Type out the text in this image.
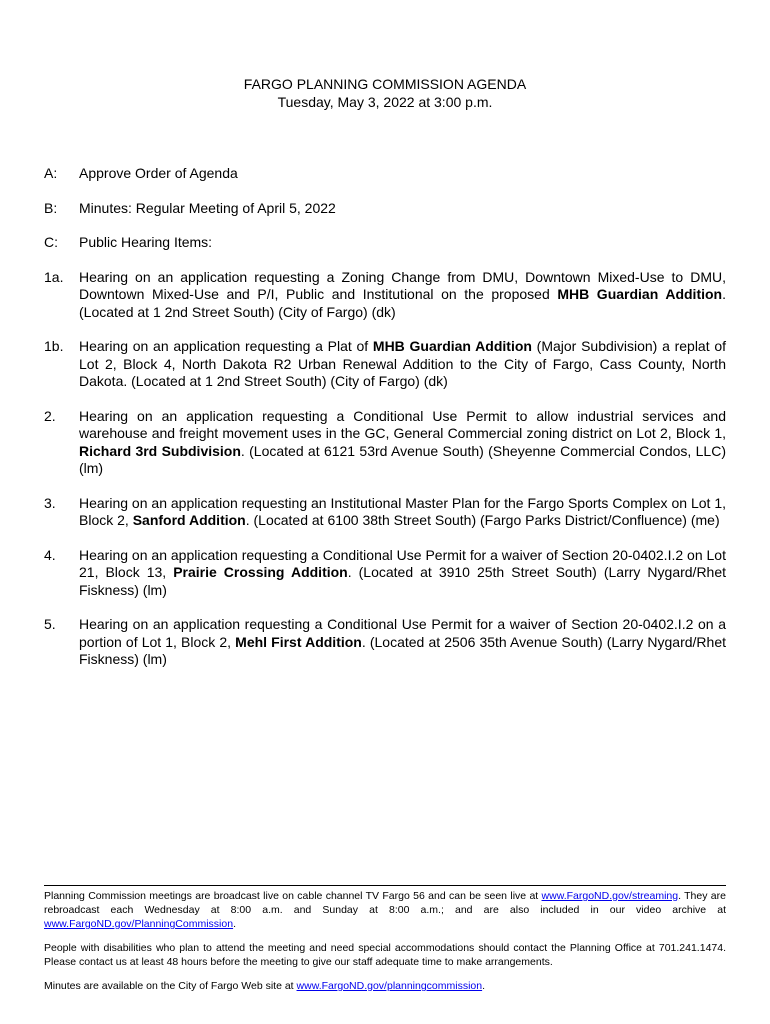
FARGO PLANNING COMMISSION AGENDA
Tuesday, May 3, 2022 at 3:00 p.m.
A:	Approve Order of Agenda
B:	Minutes: Regular Meeting of April 5, 2022
C:	Public Hearing Items:
1a.	Hearing on an application requesting a Zoning Change from DMU, Downtown Mixed-Use to DMU, Downtown Mixed-Use and P/I, Public and Institutional on the proposed MHB Guardian Addition. (Located at 1 2nd Street South) (City of Fargo) (dk)
1b.	Hearing on an application requesting a Plat of MHB Guardian Addition (Major Subdivision) a replat of Lot 2, Block 4, North Dakota R2 Urban Renewal Addition to the City of Fargo, Cass County, North Dakota. (Located at 1 2nd Street South) (City of Fargo) (dk)
2.	Hearing on an application requesting a Conditional Use Permit to allow industrial services and warehouse and freight movement uses in the GC, General Commercial zoning district on Lot 2, Block 1, Richard 3rd Subdivision. (Located at 6121 53rd Avenue South) (Sheyenne Commercial Condos, LLC) (lm)
3.	Hearing on an application requesting an Institutional Master Plan for the Fargo Sports Complex on Lot 1, Block 2, Sanford Addition. (Located at 6100 38th Street South) (Fargo Parks District/Confluence) (me)
4.	Hearing on an application requesting a Conditional Use Permit for a waiver of Section 20-0402.I.2 on Lot 21, Block 13, Prairie Crossing Addition. (Located at 3910 25th Street South) (Larry Nygard/Rhet Fiskness) (lm)
5.	Hearing on an application requesting a Conditional Use Permit for a waiver of Section 20-0402.I.2 on a portion of Lot 1, Block 2, Mehl First Addition. (Located at 2506 35th Avenue South) (Larry Nygard/Rhet Fiskness) (lm)

Planning Commission meetings are broadcast live on cable channel TV Fargo 56 and can be seen live at www.FargoND.gov/streaming. They are rebroadcast each Wednesday at 8:00 a.m. and Sunday at 8:00 a.m.; and are also included in our video archive at www.FargoND.gov/PlanningCommission.

People with disabilities who plan to attend the meeting and need special accommodations should contact the Planning Office at 701.241.1474. Please contact us at least 48 hours before the meeting to give our staff adequate time to make arrangements.

Minutes are available on the City of Fargo Web site at www.FargoND.gov/planningcommission.
